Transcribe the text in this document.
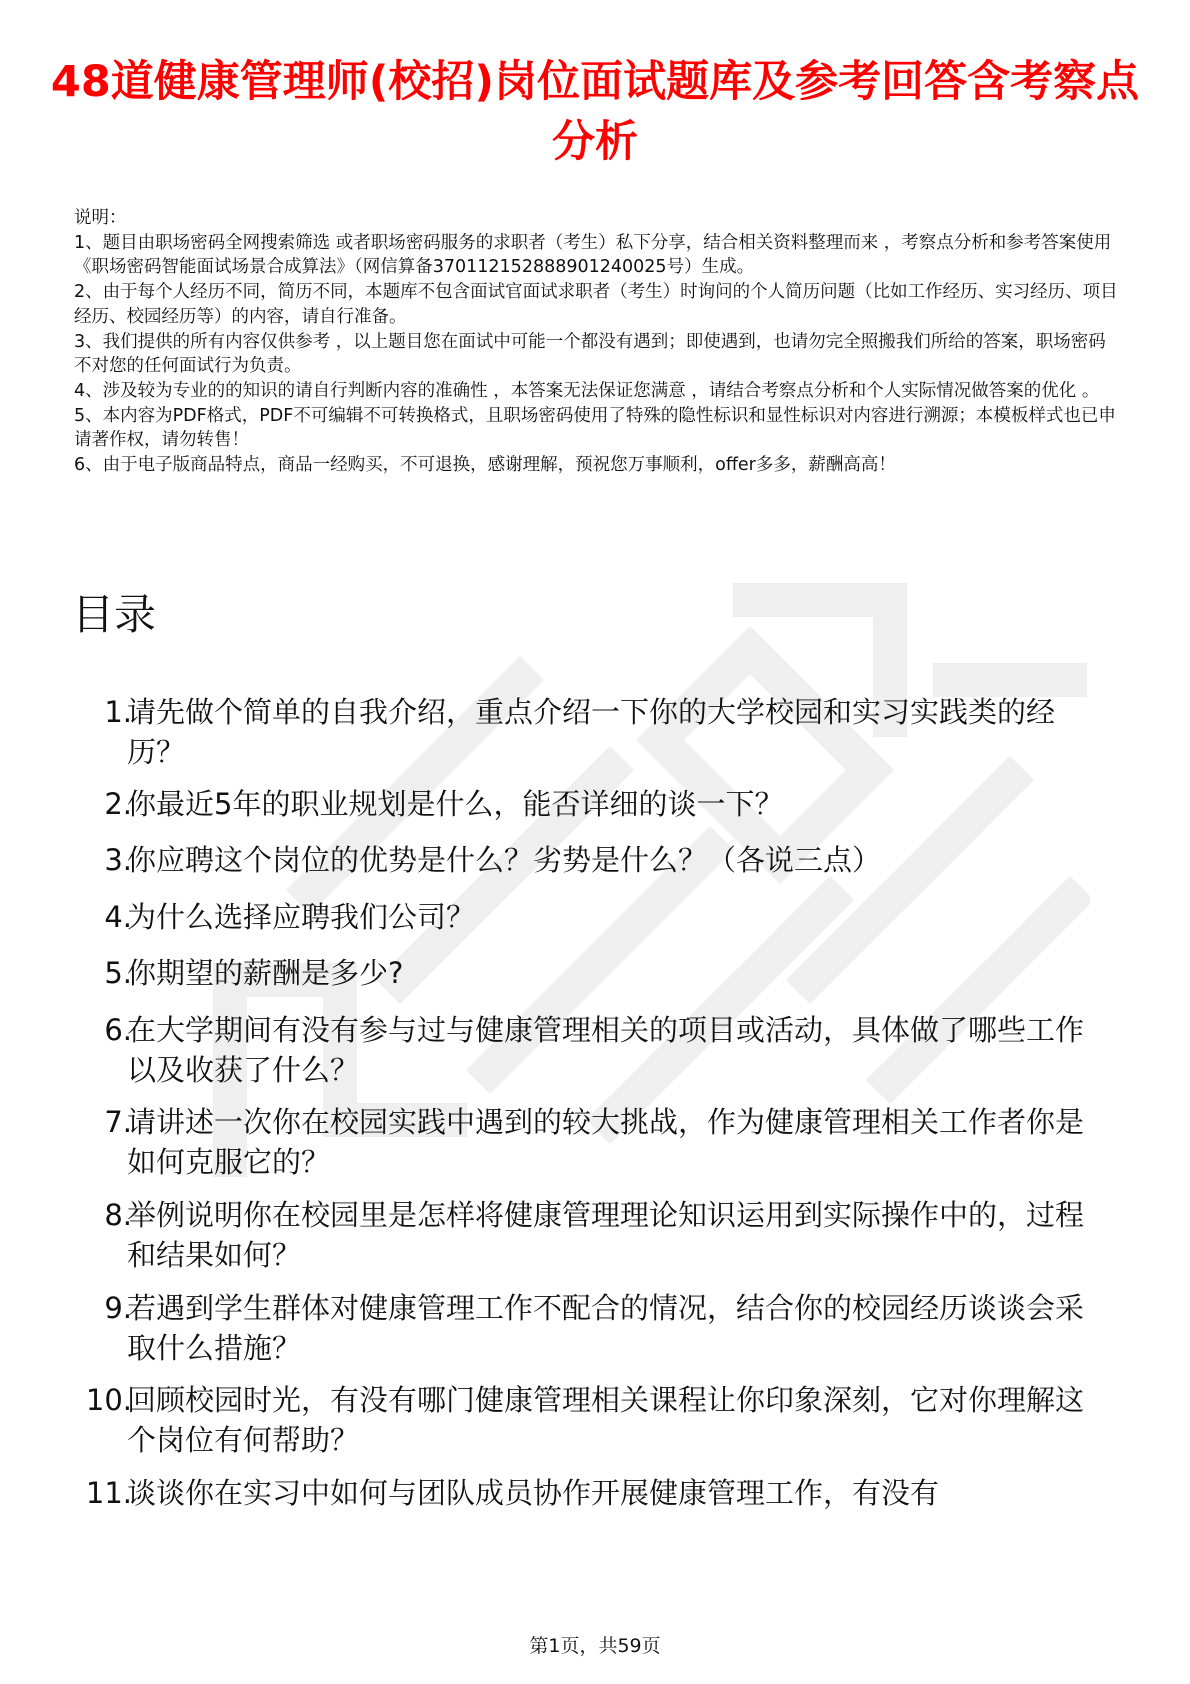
48道健康管理师(校招)岗位面试题库及参考回答含考察点分析

说明：

1、题目由职场密码全网搜索筛选 或者职场密码服务的求职者（考生）私下分享，结合相关资料整理而来 ，考察点分析和参考答案使用《职场密码智能面试场景合成算法》（网信算备370112152888901240025号）生成。

2、由于每个人经历不同，简历不同，本题库不包含面试官面试求职者（考生）时询问的个人简历问题（比如工作经历、实习经历、项目经历、校园经历等）的内容，请自行准备。

3、我们提供的所有内容仅供参考 ，以上题目您在面试中可能一个都没有遇到；即使遇到，也请勿完全照搬我们所给的答案，职场密码不对您的任何面试行为负责。

4、涉及较为专业的的知识的请自行判断内容的准确性 ，本答案无法保证您满意 ，请结合考察点分析和个人实际情况做答案的优化 。

5、本内容为PDF格式，PDF不可编辑不可转换格式，且职场密码使用了特殊的隐性标识和显性标识对内容进行溯源；本模板样式也已申请著作权，请勿转售！

6、由于电子版商品特点，商品一经购买，不可退换，感谢理解，预祝您万事顺利，offer多多，薪酬高高！

目录
1.
请先做个简单的自我介绍，重点介绍一下你的大学校园和实习实践类的经历？
2.
你最近5年的职业规划是什么，能否详细的谈一下？
3.
你应聘这个岗位的优势是什么？劣势是什么？（各说三点）
4.
为什么选择应聘我们公司？
5.
你期望的薪酬是多少?
6.
在大学期间有没有参与过与健康管理相关的项目或活动，具体做了哪些工作以及收获了什么？
7.
请讲述一次你在校园实践中遇到的较大挑战，作为健康管理相关工作者你是如何克服它的？
8.
举例说明你在校园里是怎样将健康管理理论知识运用到实际操作中的，过程和结果如何？
9.
若遇到学生群体对健康管理工作不配合的情况，结合你的校园经历谈谈会采取什么措施？
10.
回顾校园时光，有没有哪门健康管理相关课程让你印象深刻，它对你理解这个岗位有何帮助？
11.
谈谈你在实习中如何与团队成员协作开展健康管理工作，有没有
第1页，共59页
